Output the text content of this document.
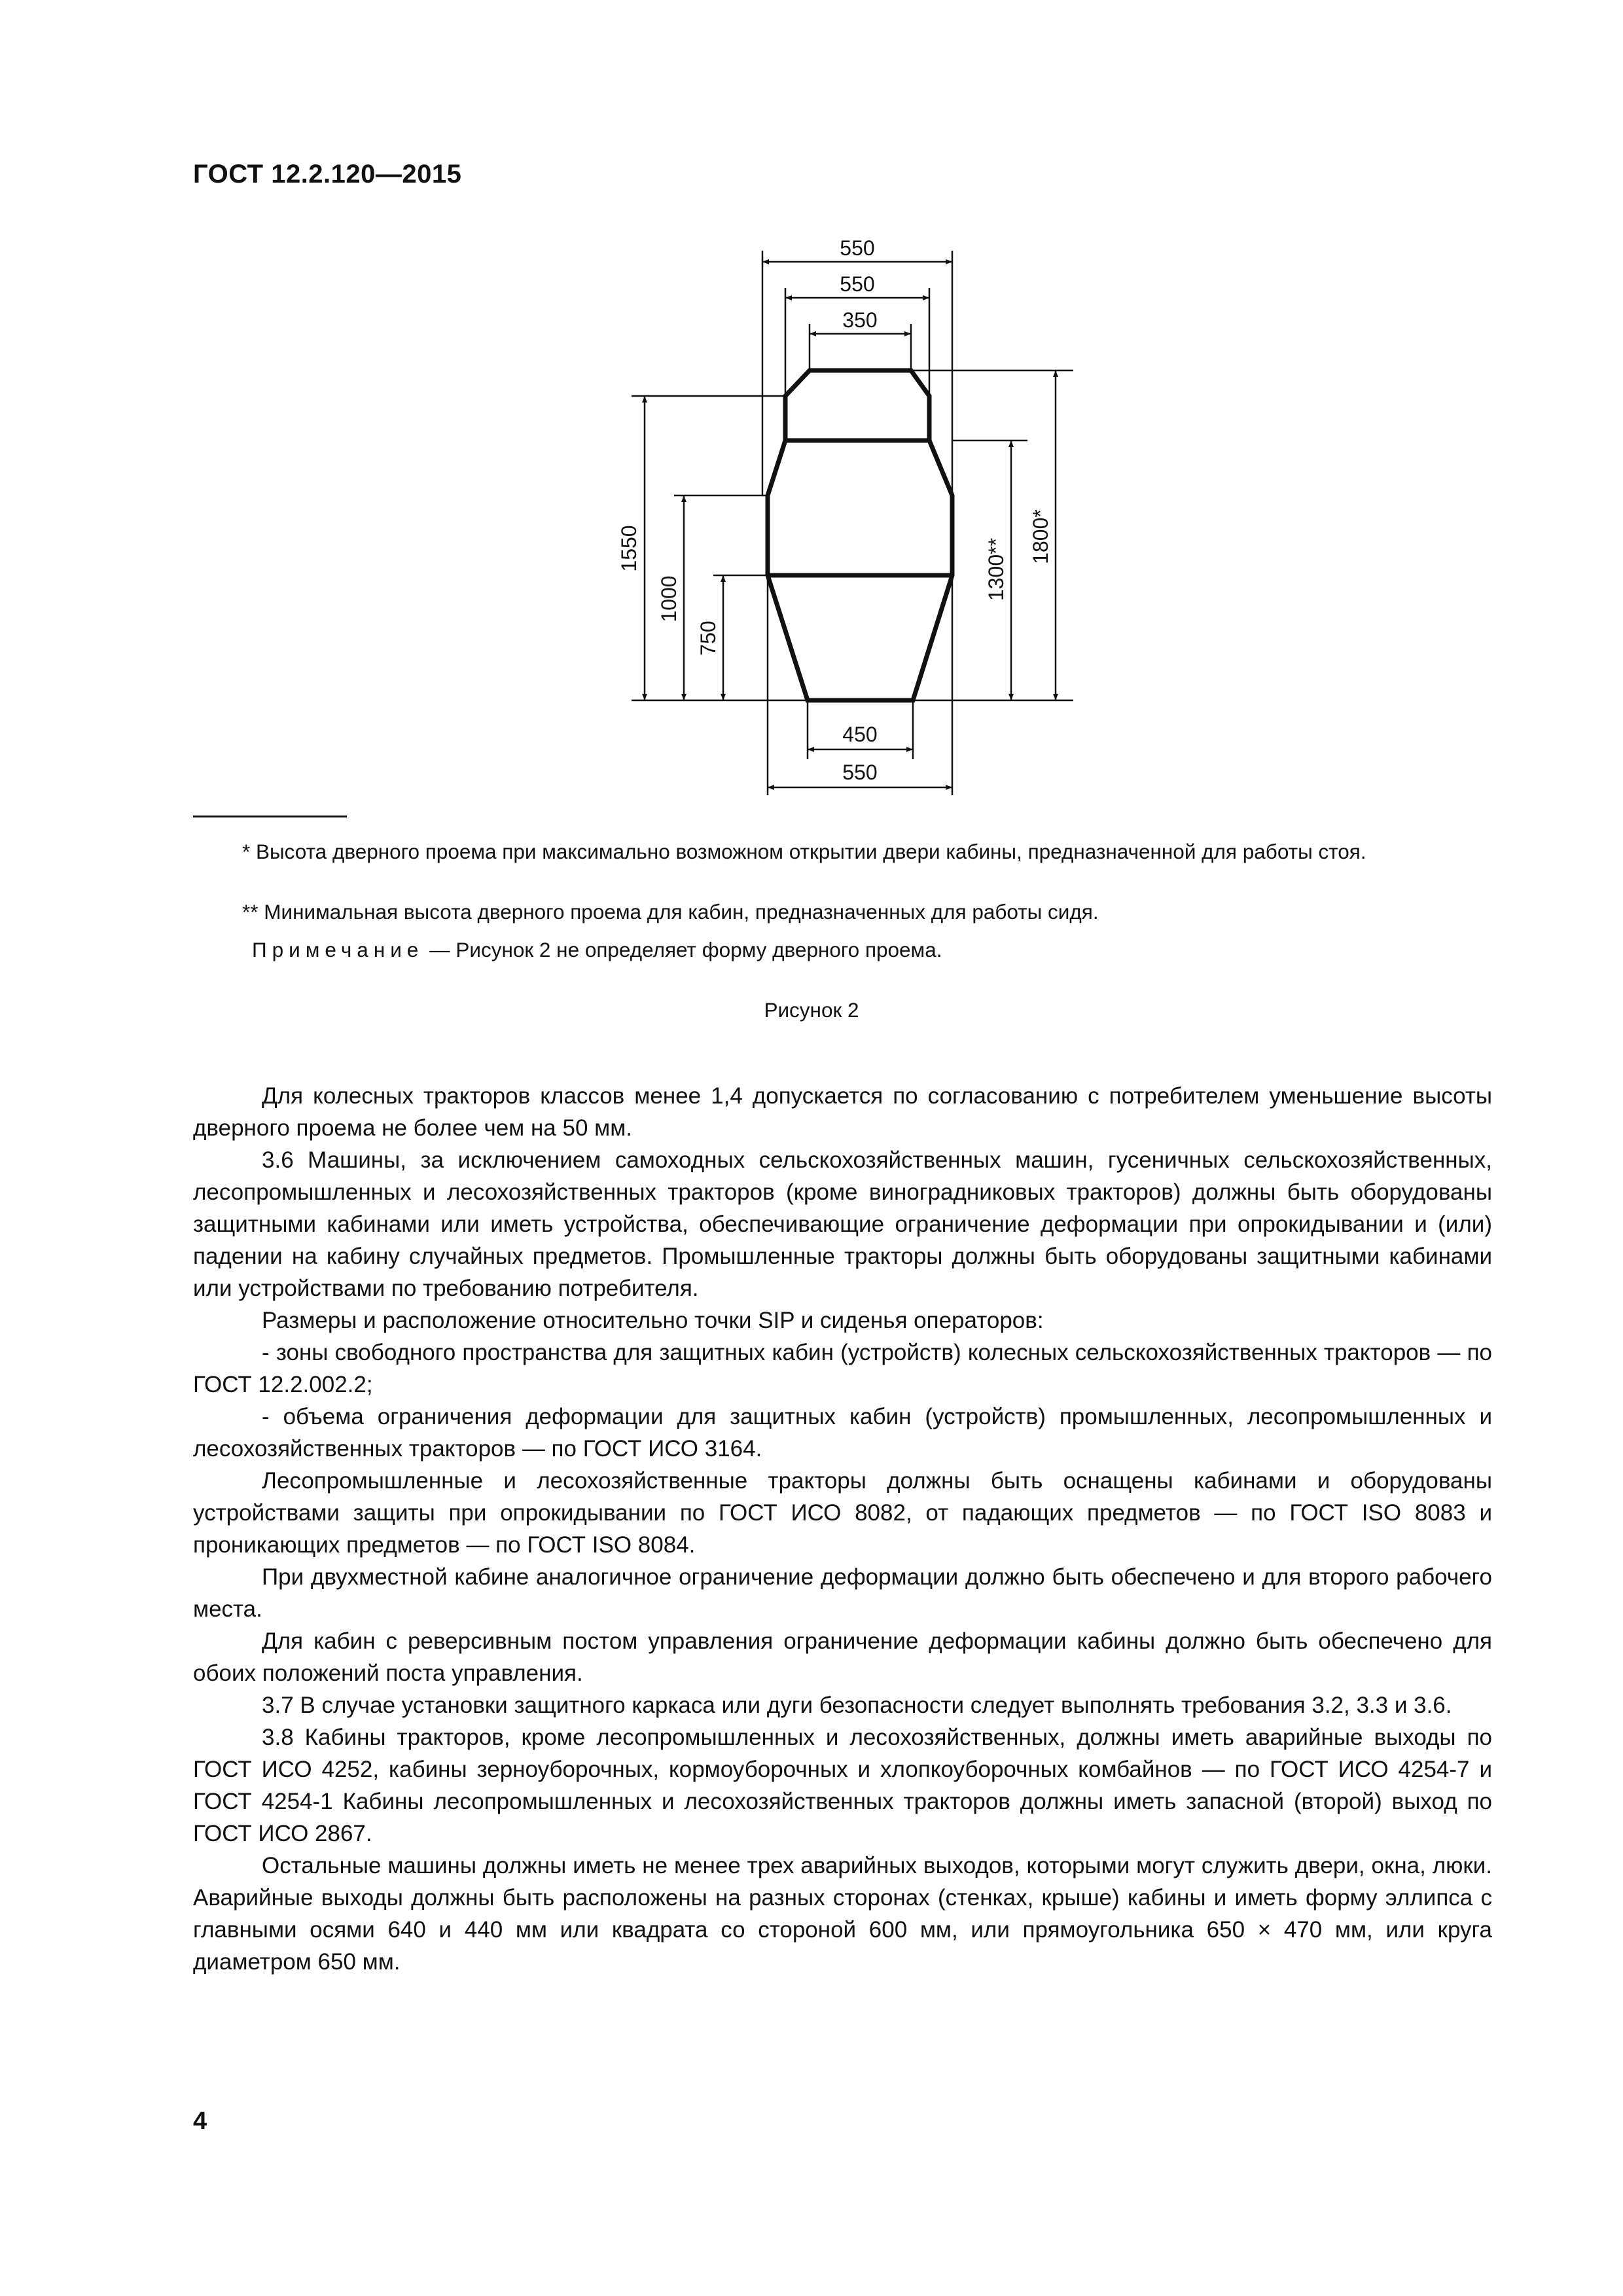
ГОСТ 12.2.120—2015
550
550
350
450
550
1550
1000
750
1300**
1800*
* Высота дверного проема при максимально возможном открытии двери кабины, предназначенной для работы стоя.
** Минимальная высота дверного проема для кабин, предназначенных для работы сидя.
Примечание — Рисунок 2 не определяет форму дверного проема.
Рисунок 2

Для колесных тракторов классов менее 1,4 допускается по согласованию с потребителем уменьшение высоты дверного проема не более чем на 50 мм.

3.6 Машины, за исключением самоходных сельскохозяйственных машин, гусеничных сельскохозяйственных, лесопромышленных и лесохозяйственных тракторов (кроме виноградниковых тракторов) должны быть оборудованы защитными кабинами или иметь устройства, обеспечивающие ограничение деформации при опрокидывании и (или) падении на кабину случайных предметов. Промышленные тракторы должны быть оборудованы защитными кабинами или устройствами по требованию потребителя.

Размеры и расположение относительно точки SIP и сиденья операторов:

- зоны свободного пространства для защитных кабин (устройств) колесных сельскохозяйственных тракторов — по ГОСТ 12.2.002.2;

- объема ограничения деформации для защитных кабин (устройств) промышленных, лесопромышленных и лесохозяйственных тракторов — по ГОСТ ИСО 3164.

Лесопромышленные и лесохозяйственные тракторы должны быть оснащены кабинами и оборудованы устройствами защиты при опрокидывании по ГОСТ ИСО 8082, от падающих предметов — по ГОСТ ISO 8083 и проникающих предметов — по ГОСТ ISO 8084.

При двухместной кабине аналогичное ограничение деформации должно быть обеспечено и для второго рабочего места.

Для кабин с реверсивным постом управления ограничение деформации кабины должно быть обеспечено для обоих положений поста управления.

3.7 В случае установки защитного каркаса или дуги безопасности следует выполнять требования 3.2, 3.3 и 3.6.

3.8 Кабины тракторов, кроме лесопромышленных и лесохозяйственных, должны иметь аварийные выходы по ГОСТ ИСО 4252, кабины зерноуборочных, кормоуборочных и хлопкоуборочных комбайнов — по ГОСТ ИСО 4254-7 и ГОСТ 4254-1 Кабины лесопромышленных и лесохозяйственных тракторов должны иметь запасной (второй) выход по ГОСТ ИСО 2867.

Остальные машины должны иметь не менее трех аварийных выходов, которыми могут служить двери, окна, люки. Аварийные выходы должны быть расположены на разных сторонах (стенках, крыше) кабины и иметь форму эллипса с главными осями 640 и 440 мм или квадрата со стороной 600 мм, или прямоугольника 650 × 470 мм, или круга диаметром 650 мм.

4
